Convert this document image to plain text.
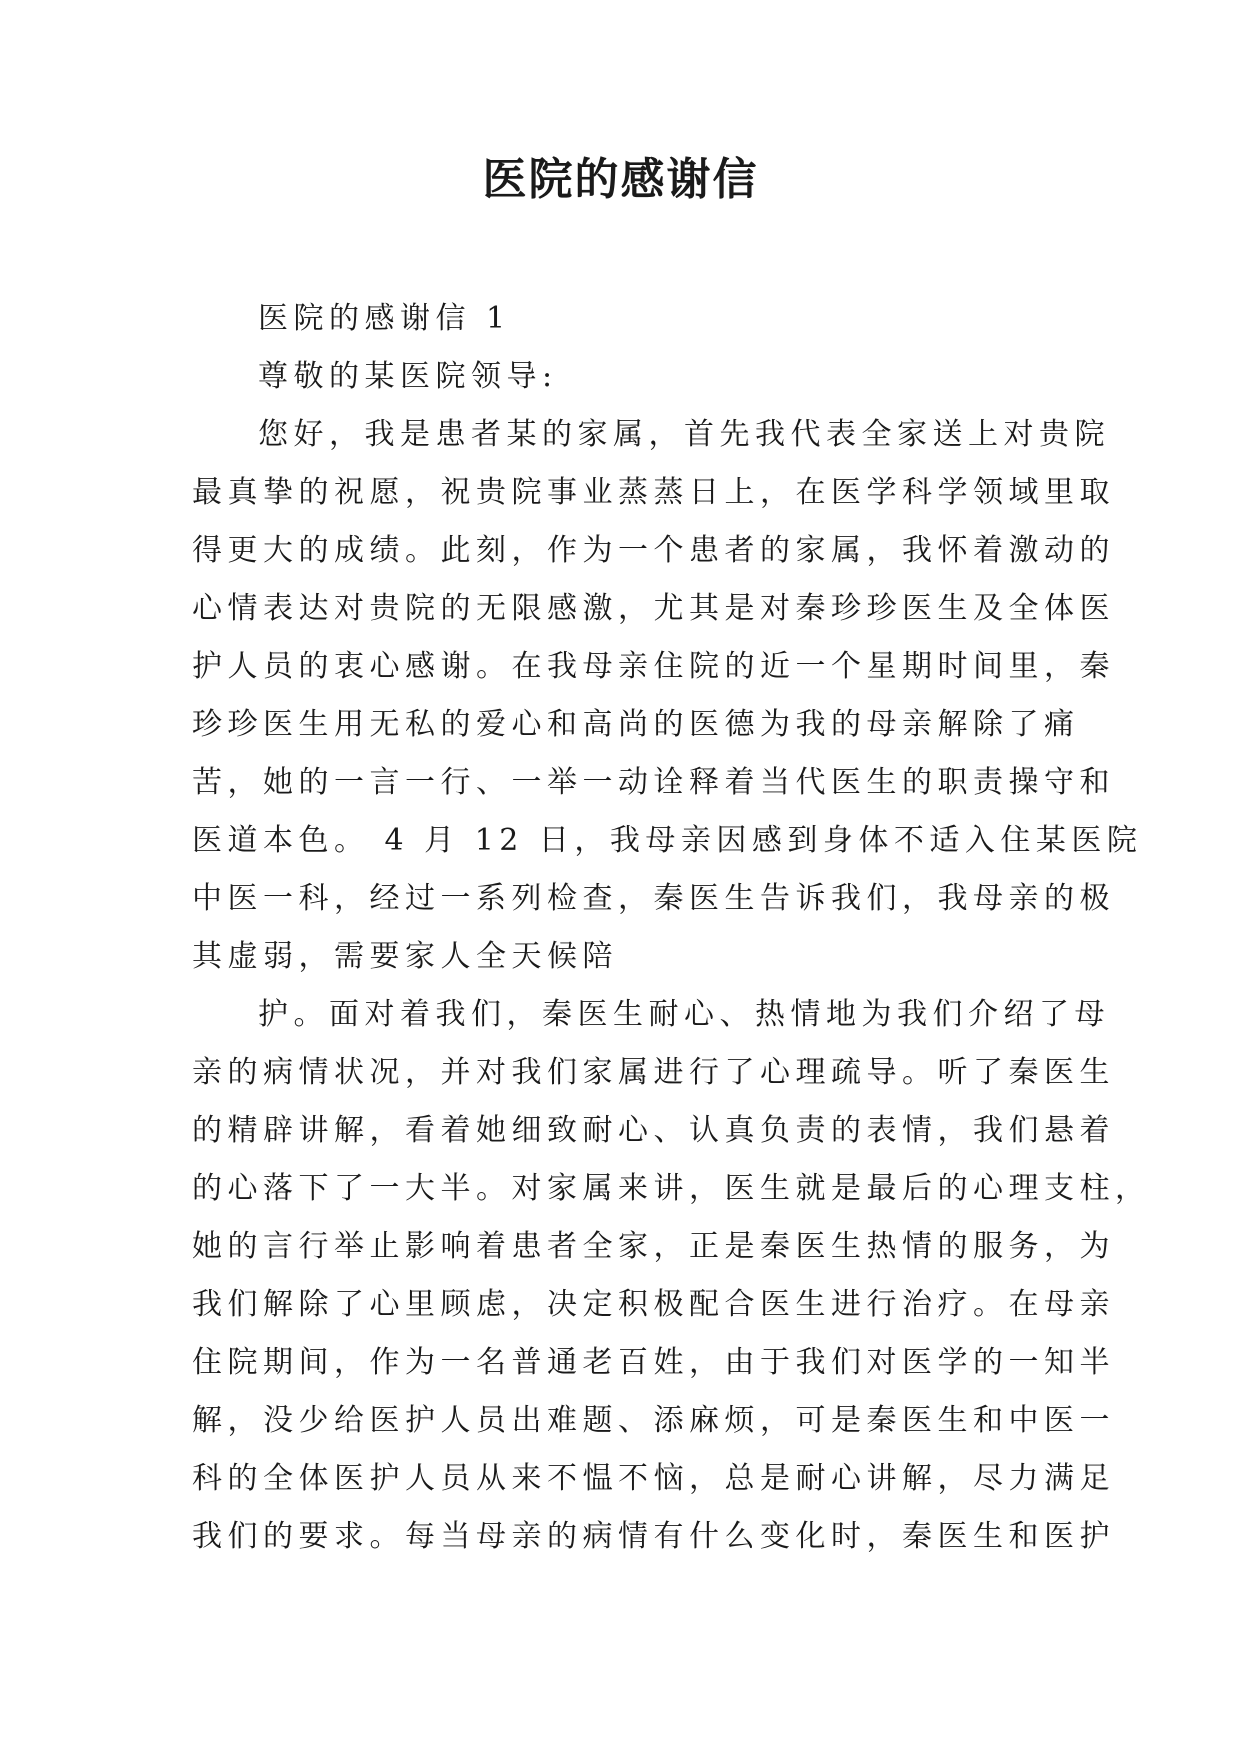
医院的感谢信
医院的感谢信 1
尊敬的某医院领导:
您好，我是患者某的家属，首先我代表全家送上对贵院
最真挚的祝愿，祝贵院事业蒸蒸日上，在医学科学领域里取
得更大的成绩。此刻，作为一个患者的家属，我怀着激动的
心情表达对贵院的无限感激，尤其是对秦珍珍医生及全体医
护人员的衷心感谢。在我母亲住院的近一个星期时间里，秦
珍珍医生用无私的爱心和高尚的医德为我的母亲解除了痛
苦，她的一言一行、一举一动诠释着当代医生的职责操守和
医道本色。 4 月 12 日，我母亲因感到身体不适入住某医院
中医一科，经过一系列检查，秦医生告诉我们，我母亲的极
其虚弱，需要家人全天候陪
护。面对着我们，秦医生耐心、热情地为我们介绍了母
亲的病情状况，并对我们家属进行了心理疏导。听了秦医生
的精辟讲解，看着她细致耐心、认真负责的表情，我们悬着
的心落下了一大半。对家属来讲，医生就是最后的心理支柱，
她的言行举止影响着患者全家，正是秦医生热情的服务，为
我们解除了心里顾虑，决定积极配合医生进行治疗。在母亲
住院期间，作为一名普通老百姓，由于我们对医学的一知半
解，没少给医护人员出难题、添麻烦，可是秦医生和中医一
科的全体医护人员从来不愠不恼，总是耐心讲解，尽力满足
我们的要求。每当母亲的病情有什么变化时，秦医生和医护
